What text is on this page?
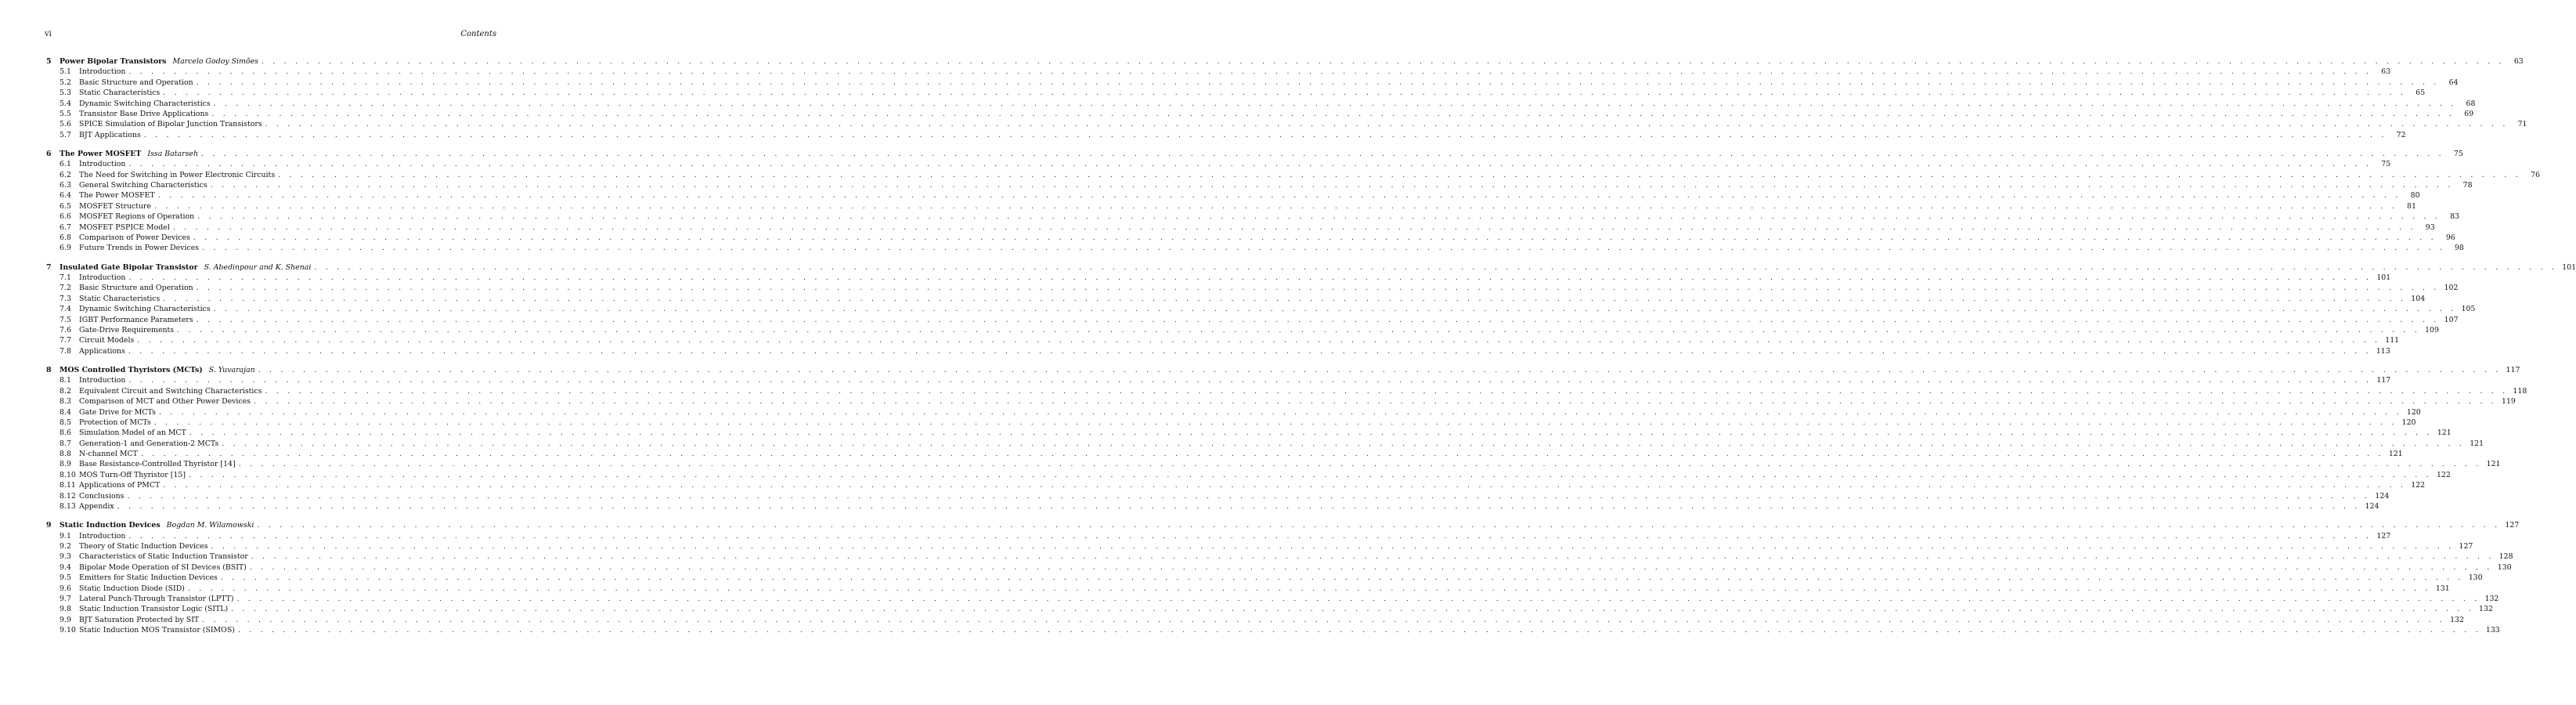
vi	Contents
5	Power Bipolar Transistors Marcelo Godoy Simões . . . . . . . . . . . . . . . . . . . . . . . . . . . . . . . . . . . . . . . . . . . . . . . . . . . . . . . . . . . . . . . . . . . . . . . . . . . . . . . . . . . . . . . . . . . . . . . . . . . . . . . . . . . . . . . . . . . . . . . . . . . . . . . . . . . . . . . . . . . . . . . . . . . . . . . . . . . . . . . . . . . . . . . . . . . . . . . . . . . . . . . . . . . . . . . . . . . . . . . .	63
5.1	Introduction . . . . . . . . . . . . . . . . . . . . . . . . . . . . . . . . . . . . . . . . . . . . . . . . . . . . . . . . . . . . . . . . . . . . . . . . . . . . . . . . . . . . . . . . . . . . . . . . . . . . . . . . . . . . . . . . . . . . . . . . . . . . . . . . . . . . . . . . . . . . . . . . . . . . . . . . . . . . . . . . . . . . . . . . . . . . . . . . . . . . . . . . . . . . . . . . . . . . . . . .	63
5.2	Basic Structure and Operation . . . . . . . . . . . . . . . . . . . . . . . . . . . . . . . . . . . . . . . . . . . . . . . . . . . . . . . . . . . . . . . . . . . . . . . . . . . . . . . . . . . . . . . . . . . . . . . . . . . . . . . . . . . . . . . . . . . . . . . . . . . . . . . . . . . . . . . . . . . . . . . . . . . . . . . . . . . . . . . . . . . . . . . . . . . . . . . . . . . . . . . . . . . . . . . . . . . . . . . .	64
5.3	Static Characteristics . . . . . . . . . . . . . . . . . . . . . . . . . . . . . . . . . . . . . . . . . . . . . . . . . . . . . . . . . . . . . . . . . . . . . . . . . . . . . . . . . . . . . . . . . . . . . . . . . . . . . . . . . . . . . . . . . . . . . . . . . . . . . . . . . . . . . . . . . . . . . . . . . . . . . . . . . . . . . . . . . . . . . . . . . . . . . . . . . . . . . . . . . . . . . . . . . . . . . . . .	65
5.4	Dynamic Switching Characteristics . . . . . . . . . . . . . . . . . . . . . . . . . . . . . . . . . . . . . . . . . . . . . . . . . . . . . . . . . . . . . . . . . . . . . . . . . . . . . . . . . . . . . . . . . . . . . . . . . . . . . . . . . . . . . . . . . . . . . . . . . . . . . . . . . . . . . . . . . . . . . . . . . . . . . . . . . . . . . . . . . . . . . . . . . . . . . . . . . . . . . . . . . . . . . . . . . . . . . . . .	68
5.5	Transistor Base Drive Applications . . . . . . . . . . . . . . . . . . . . . . . . . . . . . . . . . . . . . . . . . . . . . . . . . . . . . . . . . . . . . . . . . . . . . . . . . . . . . . . . . . . . . . . . . . . . . . . . . . . . . . . . . . . . . . . . . . . . . . . . . . . . . . . . . . . . . . . . . . . . . . . . . . . . . . . . . . . . . . . . . . . . . . . . . . . . . . . . . . . . . . . . . . . . . . . . . . . . . . . .	69
5.6	SPICE Simulation of Bipolar Junction Transistors . . . . . . . . . . . . . . . . . . . . . . . . . . . . . . . . . . . . . . . . . . . . . . . . . . . . . . . . . . . . . . . . . . . . . . . . . . . . . . . . . . . . . . . . . . . . . . . . . . . . . . . . . . . . . . . . . . . . . . . . . . . . . . . . . . . . . . . . . . . . . . . . . . . . . . . . . . . . . . . . . . . . . . . . . . . . . . . . . . . . . . . . . . . . . . . . . . . . . . . .	71
5.7	BJT Applications . . . . . . . . . . . . . . . . . . . . . . . . . . . . . . . . . . . . . . . . . . . . . . . . . . . . . . . . . . . . . . . . . . . . . . . . . . . . . . . . . . . . . . . . . . . . . . . . . . . . . . . . . . . . . . . . . . . . . . . . . . . . . . . . . . . . . . . . . . . . . . . . . . . . . . . . . . . . . . . . . . . . . . . . . . . . . . . . . . . . . . . . . . . . . . . . . . . . . . . .	72
6	The Power MOSFET Issa Batarseh . . . . . . . . . . . . . . . . . . . . . . . . . . . . . . . . . . . . . . . . . . . . . . . . . . . . . . . . . . . . . . . . . . . . . . . . . . . . . . . . . . . . . . . . . . . . . . . . . . . . . . . . . . . . . . . . . . . . . . . . . . . . . . . . . . . . . . . . . . . . . . . . . . . . . . . . . . . . . . . . . . . . . . . . . . . . . . . . . . . . . . . . . . . . . . . . . . . . . . . .	75
6.1	Introduction . . . . . . . . . . . . . . . . . . . . . . . . . . . . . . . . . . . . . . . . . . . . . . . . . . . . . . . . . . . . . . . . . . . . . . . . . . . . . . . . . . . . . . . . . . . . . . . . . . . . . . . . . . . . . . . . . . . . . . . . . . . . . . . . . . . . . . . . . . . . . . . . . . . . . . . . . . . . . . . . . . . . . . . . . . . . . . . . . . . . . . . . . . . . . . . . . . . . . . . .	75
6.2	The Need for Switching in Power Electronic Circuits . . . . . . . . . . . . . . . . . . . . . . . . . . . . . . . . . . . . . . . . . . . . . . . . . . . . . . . . . . . . . . . . . . . . . . . . . . . . . . . . . . . . . . . . . . . . . . . . . . . . . . . . . . . . . . . . . . . . . . . . . . . . . . . . . . . . . . . . . . . . . . . . . . . . . . . . . . . . . . . . . . . . . . . . . . . . . . . . . . . . . . . . . . . . . . . . . . . . . . . .	76
6.3	General Switching Characteristics . . . . . . . . . . . . . . . . . . . . . . . . . . . . . . . . . . . . . . . . . . . . . . . . . . . . . . . . . . . . . . . . . . . . . . . . . . . . . . . . . . . . . . . . . . . . . . . . . . . . . . . . . . . . . . . . . . . . . . . . . . . . . . . . . . . . . . . . . . . . . . . . . . . . . . . . . . . . . . . . . . . . . . . . . . . . . . . . . . . . . . . . . . . . . . . . . . . . . . . .	78
6.4	The Power MOSFET . . . . . . . . . . . . . . . . . . . . . . . . . . . . . . . . . . . . . . . . . . . . . . . . . . . . . . . . . . . . . . . . . . . . . . . . . . . . . . . . . . . . . . . . . . . . . . . . . . . . . . . . . . . . . . . . . . . . . . . . . . . . . . . . . . . . . . . . . . . . . . . . . . . . . . . . . . . . . . . . . . . . . . . . . . . . . . . . . . . . . . . . . . . . . . . . . . . . . . . .	80
6.5	MOSFET Structure . . . . . . . . . . . . . . . . . . . . . . . . . . . . . . . . . . . . . . . . . . . . . . . . . . . . . . . . . . . . . . . . . . . . . . . . . . . . . . . . . . . . . . . . . . . . . . . . . . . . . . . . . . . . . . . . . . . . . . . . . . . . . . . . . . . . . . . . . . . . . . . . . . . . . . . . . . . . . . . . . . . . . . . . . . . . . . . . . . . . . . . . . . . . . . . . . . . . . . . .	81
6.6	MOSFET Regions of Operation . . . . . . . . . . . . . . . . . . . . . . . . . . . . . . . . . . . . . . . . . . . . . . . . . . . . . . . . . . . . . . . . . . . . . . . . . . . . . . . . . . . . . . . . . . . . . . . . . . . . . . . . . . . . . . . . . . . . . . . . . . . . . . . . . . . . . . . . . . . . . . . . . . . . . . . . . . . . . . . . . . . . . . . . . . . . . . . . . . . . . . . . . . . . . . . . . . . . . . . .	83
6.7	MOSFET PSPICE Model . . . . . . . . . . . . . . . . . . . . . . . . . . . . . . . . . . . . . . . . . . . . . . . . . . . . . . . . . . . . . . . . . . . . . . . . . . . . . . . . . . . . . . . . . . . . . . . . . . . . . . . . . . . . . . . . . . . . . . . . . . . . . . . . . . . . . . . . . . . . . . . . . . . . . . . . . . . . . . . . . . . . . . . . . . . . . . . . . . . . . . . . . . . . . . . . . . . . . . . .	93
6.8	Comparison of Power Devices . . . . . . . . . . . . . . . . . . . . . . . . . . . . . . . . . . . . . . . . . . . . . . . . . . . . . . . . . . . . . . . . . . . . . . . . . . . . . . . . . . . . . . . . . . . . . . . . . . . . . . . . . . . . . . . . . . . . . . . . . . . . . . . . . . . . . . . . . . . . . . . . . . . . . . . . . . . . . . . . . . . . . . . . . . . . . . . . . . . . . . . . . . . . . . . . . . . . . . . .	96
6.9	Future Trends in Power Devices . . . . . . . . . . . . . . . . . . . . . . . . . . . . . . . . . . . . . . . . . . . . . . . . . . . . . . . . . . . . . . . . . . . . . . . . . . . . . . . . . . . . . . . . . . . . . . . . . . . . . . . . . . . . . . . . . . . . . . . . . . . . . . . . . . . . . . . . . . . . . . . . . . . . . . . . . . . . . . . . . . . . . . . . . . . . . . . . . . . . . . . . . . . . . . . . . . . . . . . .	98
7	Insulated Gate Bipolar Transistor S. Abedinpour and K. Shenai . . . . . . . . . . . . . . . . . . . . . . . . . . . . . . . . . . . . . . . . . . . . . . . . . . . . . . . . . . . . . . . . . . . . . . . . . . . . . . . . . . . . . . . . . . . . . . . . . . . . . . . . . . . . . . . . . . . . . . . . . . . . . . . . . . . . . . . . . . . . . . . . . . . . . . . . . . . . . . . . . . . . . . . . . . . . . . . . . . . . . . . . . . . . . . . . . . . . . . . . 101
7.1	Introduction . . . . . . . . . . . . . . . . . . . . . . . . . . . . . . . . . . . . . . . . . . . . . . . . . . . . . . . . . . . . . . . . . . . . . . . . . . . . . . . . . . . . . . . . . . . . . . . . . . . . . . . . . . . . . . . . . . . . . . . . . . . . . . . . . . . . . . . . . . . . . . . . . . . . . . . . . . . . . . . . . . . . . . . . . . . . . . . . . . . . . . . . . . . . . . . . . . . . . . . . 101
7.2	Basic Structure and Operation . . . . . . . . . . . . . . . . . . . . . . . . . . . . . . . . . . . . . . . . . . . . . . . . . . . . . . . . . . . . . . . . . . . . . . . . . . . . . . . . . . . . . . . . . . . . . . . . . . . . . . . . . . . . . . . . . . . . . . . . . . . . . . . . . . . . . . . . . . . . . . . . . . . . . . . . . . . . . . . . . . . . . . . . . . . . . . . . . . . . . . . . . . . . . . . . . . . . . . . . 102
7.3	Static Characteristics . . . . . . . . . . . . . . . . . . . . . . . . . . . . . . . . . . . . . . . . . . . . . . . . . . . . . . . . . . . . . . . . . . . . . . . . . . . . . . . . . . . . . . . . . . . . . . . . . . . . . . . . . . . . . . . . . . . . . . . . . . . . . . . . . . . . . . . . . . . . . . . . . . . . . . . . . . . . . . . . . . . . . . . . . . . . . . . . . . . . . . . . . . . . . . . . . . . . . . . . 104
7.4	Dynamic Switching Characteristics . . . . . . . . . . . . . . . . . . . . . . . . . . . . . . . . . . . . . . . . . . . . . . . . . . . . . . . . . . . . . . . . . . . . . . . . . . . . . . . . . . . . . . . . . . . . . . . . . . . . . . . . . . . . . . . . . . . . . . . . . . . . . . . . . . . . . . . . . . . . . . . . . . . . . . . . . . . . . . . . . . . . . . . . . . . . . . . . . . . . . . . . . . . . . . . . . . . . . . . . 105
7.5	IGBT Performance Parameters . . . . . . . . . . . . . . . . . . . . . . . . . . . . . . . . . . . . . . . . . . . . . . . . . . . . . . . . . . . . . . . . . . . . . . . . . . . . . . . . . . . . . . . . . . . . . . . . . . . . . . . . . . . . . . . . . . . . . . . . . . . . . . . . . . . . . . . . . . . . . . . . . . . . . . . . . . . . . . . . . . . . . . . . . . . . . . . . . . . . . . . . . . . . . . . . . . . . . . . . 107
7.6	Gate-Drive Requirements . . . . . . . . . . . . . . . . . . . . . . . . . . . . . . . . . . . . . . . . . . . . . . . . . . . . . . . . . . . . . . . . . . . . . . . . . . . . . . . . . . . . . . . . . . . . . . . . . . . . . . . . . . . . . . . . . . . . . . . . . . . . . . . . . . . . . . . . . . . . . . . . . . . . . . . . . . . . . . . . . . . . . . . . . . . . . . . . . . . . . . . . . . . . . . . . . . . . . . . . 109
7.7	Circuit Models . . . . . . . . . . . . . . . . . . . . . . . . . . . . . . . . . . . . . . . . . . . . . . . . . . . . . . . . . . . . . . . . . . . . . . . . . . . . . . . . . . . . . . . . . . . . . . . . . . . . . . . . . . . . . . . . . . . . . . . . . . . . . . . . . . . . . . . . . . . . . . . . . . . . . . . . . . . . . . . . . . . . . . . . . . . . . . . . . . . . . . . . . . . . . . . . . . . . . . . . 111
7.8	Applications . . . . . . . . . . . . . . . . . . . . . . . . . . . . . . . . . . . . . . . . . . . . . . . . . . . . . . . . . . . . . . . . . . . . . . . . . . . . . . . . . . . . . . . . . . . . . . . . . . . . . . . . . . . . . . . . . . . . . . . . . . . . . . . . . . . . . . . . . . . . . . . . . . . . . . . . . . . . . . . . . . . . . . . . . . . . . . . . . . . . . . . . . . . . . . . . . . . . . . . . 113
8	MOS Controlled Thyristors (MCTs) S. Yuvarajan . . . . . . . . . . . . . . . . . . . . . . . . . . . . . . . . . . . . . . . . . . . . . . . . . . . . . . . . . . . . . . . . . . . . . . . . . . . . . . . . . . . . . . . . . . . . . . . . . . . . . . . . . . . . . . . . . . . . . . . . . . . . . . . . . . . . . . . . . . . . . . . . . . . . . . . . . . . . . . . . . . . . . . . . . . . . . . . . . . . . . . . . . . . . . . . . . . . . . . . . 117
8.1	Introduction . . . . . . . . . . . . . . . . . . . . . . . . . . . . . . . . . . . . . . . . . . . . . . . . . . . . . . . . . . . . . . . . . . . . . . . . . . . . . . . . . . . . . . . . . . . . . . . . . . . . . . . . . . . . . . . . . . . . . . . . . . . . . . . . . . . . . . . . . . . . . . . . . . . . . . . . . . . . . . . . . . . . . . . . . . . . . . . . . . . . . . . . . . . . . . . . . . . . . . . . 117
8.2	Equivalent Circuit and Switching Characteristics . . . . . . . . . . . . . . . . . . . . . . . . . . . . . . . . . . . . . . . . . . . . . . . . . . . . . . . . . . . . . . . . . . . . . . . . . . . . . . . . . . . . . . . . . . . . . . . . . . . . . . . . . . . . . . . . . . . . . . . . . . . . . . . . . . . . . . . . . . . . . . . . . . . . . . . . . . . . . . . . . . . . . . . . . . . . . . . . . . . . . . . . . . . . . . . . . . . . . . . . 118
8.3	Comparison of MCT and Other Power Devices . . . . . . . . . . . . . . . . . . . . . . . . . . . . . . . . . . . . . . . . . . . . . . . . . . . . . . . . . . . . . . . . . . . . . . . . . . . . . . . . . . . . . . . . . . . . . . . . . . . . . . . . . . . . . . . . . . . . . . . . . . . . . . . . . . . . . . . . . . . . . . . . . . . . . . . . . . . . . . . . . . . . . . . . . . . . . . . . . . . . . . . . . . . . . . . . . . . . . . . . 119
8.4	Gate Drive for MCTs . . . . . . . . . . . . . . . . . . . . . . . . . . . . . . . . . . . . . . . . . . . . . . . . . . . . . . . . . . . . . . . . . . . . . . . . . . . . . . . . . . . . . . . . . . . . . . . . . . . . . . . . . . . . . . . . . . . . . . . . . . . . . . . . . . . . . . . . . . . . . . . . . . . . . . . . . . . . . . . . . . . . . . . . . . . . . . . . . . . . . . . . . . . . . . . . . . . . . . . . 120
8.5	Protection of MCTs . . . . . . . . . . . . . . . . . . . . . . . . . . . . . . . . . . . . . . . . . . . . . . . . . . . . . . . . . . . . . . . . . . . . . . . . . . . . . . . . . . . . . . . . . . . . . . . . . . . . . . . . . . . . . . . . . . . . . . . . . . . . . . . . . . . . . . . . . . . . . . . . . . . . . . . . . . . . . . . . . . . . . . . . . . . . . . . . . . . . . . . . . . . . . . . . . . . . . . . . 120
8.6	Simulation Model of an MCT . . . . . . . . . . . . . . . . . . . . . . . . . . . . . . . . . . . . . . . . . . . . . . . . . . . . . . . . . . . . . . . . . . . . . . . . . . . . . . . . . . . . . . . . . . . . . . . . . . . . . . . . . . . . . . . . . . . . . . . . . . . . . . . . . . . . . . . . . . . . . . . . . . . . . . . . . . . . . . . . . . . . . . . . . . . . . . . . . . . . . . . . . . . . . . . . . . . . . . . . 121
8.7	Generation-1 and Generation-2 MCTs . . . . . . . . . . . . . . . . . . . . . . . . . . . . . . . . . . . . . . . . . . . . . . . . . . . . . . . . . . . . . . . . . . . . . . . . . . . . . . . . . . . . . . . . . . . . . . . . . . . . . . . . . . . . . . . . . . . . . . . . . . . . . . . . . . . . . . . . . . . . . . . . . . . . . . . . . . . . . . . . . . . . . . . . . . . . . . . . . . . . . . . . . . . . . . . . . . . . . . . . 121
8.8	N-channel MCT . . . . . . . . . . . . . . . . . . . . . . . . . . . . . . . . . . . . . . . . . . . . . . . . . . . . . . . . . . . . . . . . . . . . . . . . . . . . . . . . . . . . . . . . . . . . . . . . . . . . . . . . . . . . . . . . . . . . . . . . . . . . . . . . . . . . . . . . . . . . . . . . . . . . . . . . . . . . . . . . . . . . . . . . . . . . . . . . . . . . . . . . . . . . . . . . . . . . . . . . 121
8.9	Base Resistance-Controlled Thyristor [14] . . . . . . . . . . . . . . . . . . . . . . . . . . . . . . . . . . . . . . . . . . . . . . . . . . . . . . . . . . . . . . . . . . . . . . . . . . . . . . . . . . . . . . . . . . . . . . . . . . . . . . . . . . . . . . . . . . . . . . . . . . . . . . . . . . . . . . . . . . . . . . . . . . . . . . . . . . . . . . . . . . . . . . . . . . . . . . . . . . . . . . . . . . . . . . . . . . . . . . . . 121
8.10 MOS Turn-Off Thyristor [15] . . . . . . . . . . . . . . . . . . . . . . . . . . . . . . . . . . . . . . . . . . . . . . . . . . . . . . . . . . . . . . . . . . . . . . . . . . . . . . . . . . . . . . . . . . . . . . . . . . . . . . . . . . . . . . . . . . . . . . . . . . . . . . . . . . . . . . . . . . . . . . . . . . . . . . . . . . . . . . . . . . . . . . . . . . . . . . . . . . . . . . . . . . . . . . . . . . . . . . . . 122
8.11 Applications of PMCT . . . . . . . . . . . . . . . . . . . . . . . . . . . . . . . . . . . . . . . . . . . . . . . . . . . . . . . . . . . . . . . . . . . . . . . . . . . . . . . . . . . . . . . . . . . . . . . . . . . . . . . . . . . . . . . . . . . . . . . . . . . . . . . . . . . . . . . . . . . . . . . . . . . . . . . . . . . . . . . . . . . . . . . . . . . . . . . . . . . . . . . . . . . . . . . . . . . . . . . . 122
8.12 Conclusions . . . . . . . . . . . . . . . . . . . . . . . . . . . . . . . . . . . . . . . . . . . . . . . . . . . . . . . . . . . . . . . . . . . . . . . . . . . . . . . . . . . . . . . . . . . . . . . . . . . . . . . . . . . . . . . . . . . . . . . . . . . . . . . . . . . . . . . . . . . . . . . . . . . . . . . . . . . . . . . . . . . . . . . . . . . . . . . . . . . . . . . . . . . . . . . . . . . . . . . . 124
8.13 Appendix . . . . . . . . . . . . . . . . . . . . . . . . . . . . . . . . . . . . . . . . . . . . . . . . . . . . . . . . . . . . . . . . . . . . . . . . . . . . . . . . . . . . . . . . . . . . . . . . . . . . . . . . . . . . . . . . . . . . . . . . . . . . . . . . . . . . . . . . . . . . . . . . . . . . . . . . . . . . . . . . . . . . . . . . . . . . . . . . . . . . . . . . . . . . . . . . . . . . . . . . 124
9	Static Induction Devices Bogdan M. Wilamowski . . . . . . . . . . . . . . . . . . . . . . . . . . . . . . . . . . . . . . . . . . . . . . . . . . . . . . . . . . . . . . . . . . . . . . . . . . . . . . . . . . . . . . . . . . . . . . . . . . . . . . . . . . . . . . . . . . . . . . . . . . . . . . . . . . . . . . . . . . . . . . . . . . . . . . . . . . . . . . . . . . . . . . . . . . . . . . . . . . . . . . . . . . . . . . . . . . . . . . . . 127
9.1	Introduction . . . . . . . . . . . . . . . . . . . . . . . . . . . . . . . . . . . . . . . . . . . . . . . . . . . . . . . . . . . . . . . . . . . . . . . . . . . . . . . . . . . . . . . . . . . . . . . . . . . . . . . . . . . . . . . . . . . . . . . . . . . . . . . . . . . . . . . . . . . . . . . . . . . . . . . . . . . . . . . . . . . . . . . . . . . . . . . . . . . . . . . . . . . . . . . . . . . . . . . . 127
9.2	Theory of Static Induction Devices . . . . . . . . . . . . . . . . . . . . . . . . . . . . . . . . . . . . . . . . . . . . . . . . . . . . . . . . . . . . . . . . . . . . . . . . . . . . . . . . . . . . . . . . . . . . . . . . . . . . . . . . . . . . . . . . . . . . . . . . . . . . . . . . . . . . . . . . . . . . . . . . . . . . . . . . . . . . . . . . . . . . . . . . . . . . . . . . . . . . . . . . . . . . . . . . . . . . . . . . 127
9.3	Characteristics of Static Induction Transistor . . . . . . . . . . . . . . . . . . . . . . . . . . . . . . . . . . . . . . . . . . . . . . . . . . . . . . . . . . . . . . . . . . . . . . . . . . . . . . . . . . . . . . . . . . . . . . . . . . . . . . . . . . . . . . . . . . . . . . . . . . . . . . . . . . . . . . . . . . . . . . . . . . . . . . . . . . . . . . . . . . . . . . . . . . . . . . . . . . . . . . . . . . . . . . . . . . . . . . . . 128
9.4	Bipolar Mode Operation of SI Devices (BSIT) . . . . . . . . . . . . . . . . . . . . . . . . . . . . . . . . . . . . . . . . . . . . . . . . . . . . . . . . . . . . . . . . . . . . . . . . . . . . . . . . . . . . . . . . . . . . . . . . . . . . . . . . . . . . . . . . . . . . . . . . . . . . . . . . . . . . . . . . . . . . . . . . . . . . . . . . . . . . . . . . . . . . . . . . . . . . . . . . . . . . . . . . . . . . . . . . . . . . . . . . 130
9.5	Emitters for Static Induction Devices . . . . . . . . . . . . . . . . . . . . . . . . . . . . . . . . . . . . . . . . . . . . . . . . . . . . . . . . . . . . . . . . . . . . . . . . . . . . . . . . . . . . . . . . . . . . . . . . . . . . . . . . . . . . . . . . . . . . . . . . . . . . . . . . . . . . . . . . . . . . . . . . . . . . . . . . . . . . . . . . . . . . . . . . . . . . . . . . . . . . . . . . . . . . . . . . . . . . . . . . 130
9.6	Static Induction Diode (SID) . . . . . . . . . . . . . . . . . . . . . . . . . . . . . . . . . . . . . . . . . . . . . . . . . . . . . . . . . . . . . . . . . . . . . . . . . . . . . . . . . . . . . . . . . . . . . . . . . . . . . . . . . . . . . . . . . . . . . . . . . . . . . . . . . . . . . . . . . . . . . . . . . . . . . . . . . . . . . . . . . . . . . . . . . . . . . . . . . . . . . . . . . . . . . . . . . . . . . . . . 131
9.7	Lateral Punch-Through Transistor (LPTT) . . . . . . . . . . . . . . . . . . . . . . . . . . . . . . . . . . . . . . . . . . . . . . . . . . . . . . . . . . . . . . . . . . . . . . . . . . . . . . . . . . . . . . . . . . . . . . . . . . . . . . . . . . . . . . . . . . . . . . . . . . . . . . . . . . . . . . . . . . . . . . . . . . . . . . . . . . . . . . . . . . . . . . . . . . . . . . . . . . . . . . . . . . . . . . . . . . . . . . . . 132
9.8	Static Induction Transistor Logic (SITL) . . . . . . . . . . . . . . . . . . . . . . . . . . . . . . . . . . . . . . . . . . . . . . . . . . . . . . . . . . . . . . . . . . . . . . . . . . . . . . . . . . . . . . . . . . . . . . . . . . . . . . . . . . . . . . . . . . . . . . . . . . . . . . . . . . . . . . . . . . . . . . . . . . . . . . . . . . . . . . . . . . . . . . . . . . . . . . . . . . . . . . . . . . . . . . . . . . . . . . . . 132
9.9	BJT Saturation Protected by SIT . . . . . . . . . . . . . . . . . . . . . . . . . . . . . . . . . . . . . . . . . . . . . . . . . . . . . . . . . . . . . . . . . . . . . . . . . . . . . . . . . . . . . . . . . . . . . . . . . . . . . . . . . . . . . . . . . . . . . . . . . . . . . . . . . . . . . . . . . . . . . . . . . . . . . . . . . . . . . . . . . . . . . . . . . . . . . . . . . . . . . . . . . . . . . . . . . . . . . . . . 132
9.10 Static Induction MOS Transistor (SIMOS) . . . . . . . . . . . . . . . . . . . . . . . . . . . . . . . . . . . . . . . . . . . . . . . . . . . . . . . . . . . . . . . . . . . . . . . . . . . . . . . . . . . . . . . . . . . . . . . . . . . . . . . . . . . . . . . . . . . . . . . . . . . . . . . . . . . . . . . . . . . . . . . . . . . . . . . . . . . . . . . . . . . . . . . . . . . . . . . . . . . . . . . . . . . . . . . . . . . . . . . . 133
